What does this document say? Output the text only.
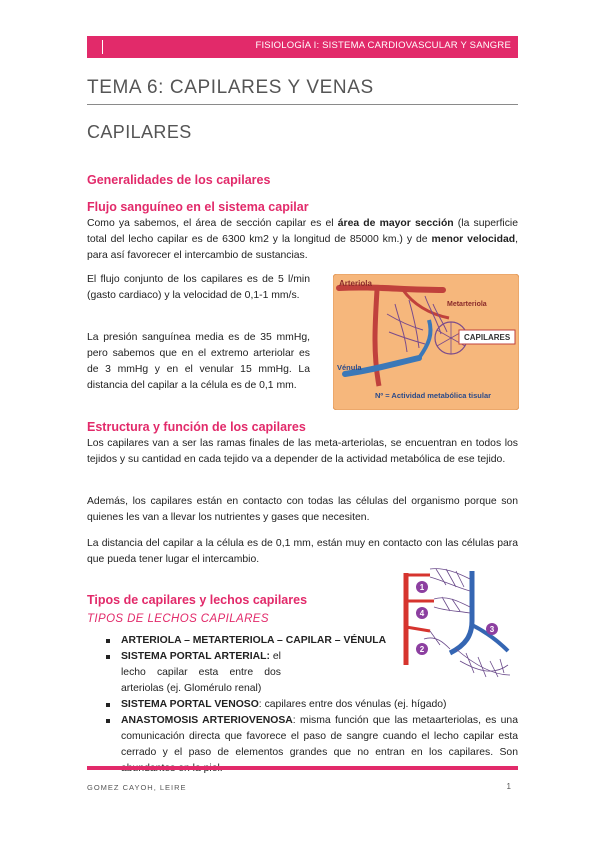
FISIOLOGÍA I: SISTEMA CARDIOVASCULAR Y SANGRE
TEMA 6: CAPILARES Y VENAS
CAPILARES
Generalidades de los capilares
Flujo sanguíneo en el sistema capilar
Como ya sabemos, el área de sección capilar es el área de mayor sección (la superficie total del lecho capilar es de 6300 km2 y la longitud de 85000 km.) y de menor velocidad, para así favorecer el intercambio de sustancias.
El flujo conjunto de los capilares es de 5 l/min (gasto cardiaco) y la velocidad de 0,1-1 mm/s.
La presión sanguínea media es de 35 mmHg, pero sabemos que en el extremo arteriolar es de 3 mmHg y en el venular 15 mmHg. La distancia del capilar a la célula es de 0,1 mm.
Arteriola
Metarteriola
CAPILARES
Vénula
Nº = Actividad metabólica tisular
Estructura y función de los capilares
Los capilares van a ser las ramas finales de las meta-arteriolas, se encuentran en todos los tejidos y su cantidad en cada tejido va a depender de la actividad metabólica de ese tejido.
Además, los capilares están en contacto con todas las células del organismo porque son quienes les van a llevar los nutrientes y gases que necesiten.
La distancia del capilar a la célula es de 0,1 mm, están muy en contacto con las células para que pueda tener lugar el intercambio.
Tipos de capilares y lechos capilares
TIPOS DE LECHOS CAPILARES
ARTERIOLA – METARTERIOLA – CAPILAR – VÉNULA
SISTEMA PORTAL ARTERIAL: el lecho capilar esta entre dos arteriolas (ej. Glomérulo renal)
SISTEMA PORTAL VENOSO: capilares entre dos vénulas (ej. hígado)
ANASTOMOSIS ARTERIOVENOSA: misma función que las metaarteriolas, es una comunicación directa que favorece el paso de sangre cuando el lecho capilar esta cerrado y el paso de elementos grandes que no entran en los capilares. Son
1
4
3
2
GOMEZ CAYOH, LEIRE	1
